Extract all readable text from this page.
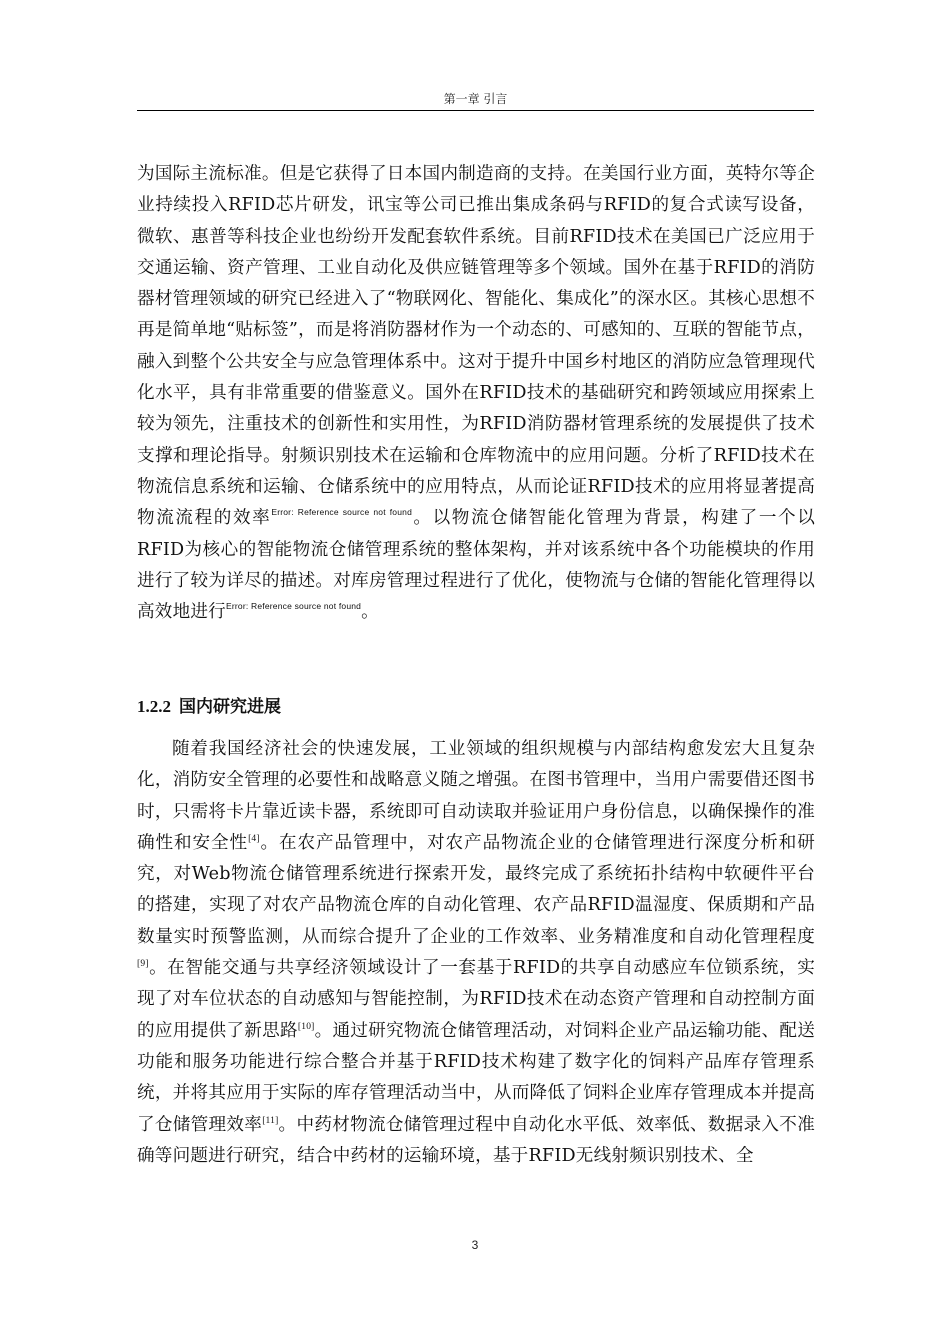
第一章 引言

为国际主流标准。但是它获得了日本国内制造商的支持。在美国行业方面，英特尔等企业持续投入RFID芯片研发，讯宝等公司已推出集成条码与RFID的复合式读写设备，微软、惠普等科技企业也纷纷开发配套软件系统。目前RFID技术在美国已广泛应用于交通运输、资产管理、工业自动化及供应链管理等多个领域。国外在基于RFID的消防器材管理领域的研究已经进入了“物联网化、智能化、集成化”的深水区。其核心思想不再是简单地“贴标签”，而是将消防器材作为一个动态的、可感知的、互联的智能节点，融入到整个公共安全与应急管理体系中。这对于提升中国乡村地区的消防应急管理现代化水平，具有非常重要的借鉴意义。国外在RFID技术的基础研究和跨领域应用探索上较为领先，注重技术的创新性和实用性，为RFID消防器材管理系统的发展提供了技术支撑和理论指导。射频识别技术在运输和仓库物流中的应用问题。分析了RFID技术在物流信息系统和运输、仓储系统中的应用特点，从而论证RFID技术的应用将显著提高物流流程的效率$^{Error: Reference source not found}$。以物流仓储智能化管理为背景，构建了一个以RFID为核心的智能物流仓储管理系统的整体架构，并对该系统中各个功能模块的作用进行了较为详尽的描述。对库房管理过程进行了优化，使物流与仓储的智能化管理得以高效地进行$^{Error: Reference source not found}$。

1.2.2 国内研究进展

随着我国经济社会的快速发展，工业领域的组织规模与内部结构愈发宏大且复杂化，消防安全管理的必要性和战略意义随之增强。在图书管理中，当用户需要借还图书时，只需将卡片靠近读卡器，系统即可自动读取并验证用户身份信息，以确保操作的准确性和安全性[4]。在农产品管理中，对农产品物流企业的仓储管理进行深度分析和研究，对Web物流仓储管理系统进行探索开发，最终完成了系统拓扑结构中软硬件平台的搭建，实现了对农产品物流仓库的自动化管理、农产品RFID温湿度、保质期和产品数量实时预警监测，从而综合提升了企业的工作效率、业务精准度和自动化管理程度[9]。在智能交通与共享经济领域设计了一套基于RFID的共享自动感应车位锁系统，实现了对车位状态的自动感知与智能控制，为RFID技术在动态资产管理和自动控制方面的应用提供了新思路[10]。通过研究物流仓储管理活动，对饲料企业产品运输功能、配送功能和服务功能进行综合整合并基于RFID技术构建了数字化的饲料产品库存管理系统，并将其应用于实际的库存管理活动当中，从而降低了饲料企业库存管理成本并提高了仓储管理效率[11]。中药材物流仓储管理过程中自动化水平低、效率低、数据录入不准确等问题进行研究，结合中药材的运输环境，基于RFID无线射频识别技术、全

3
